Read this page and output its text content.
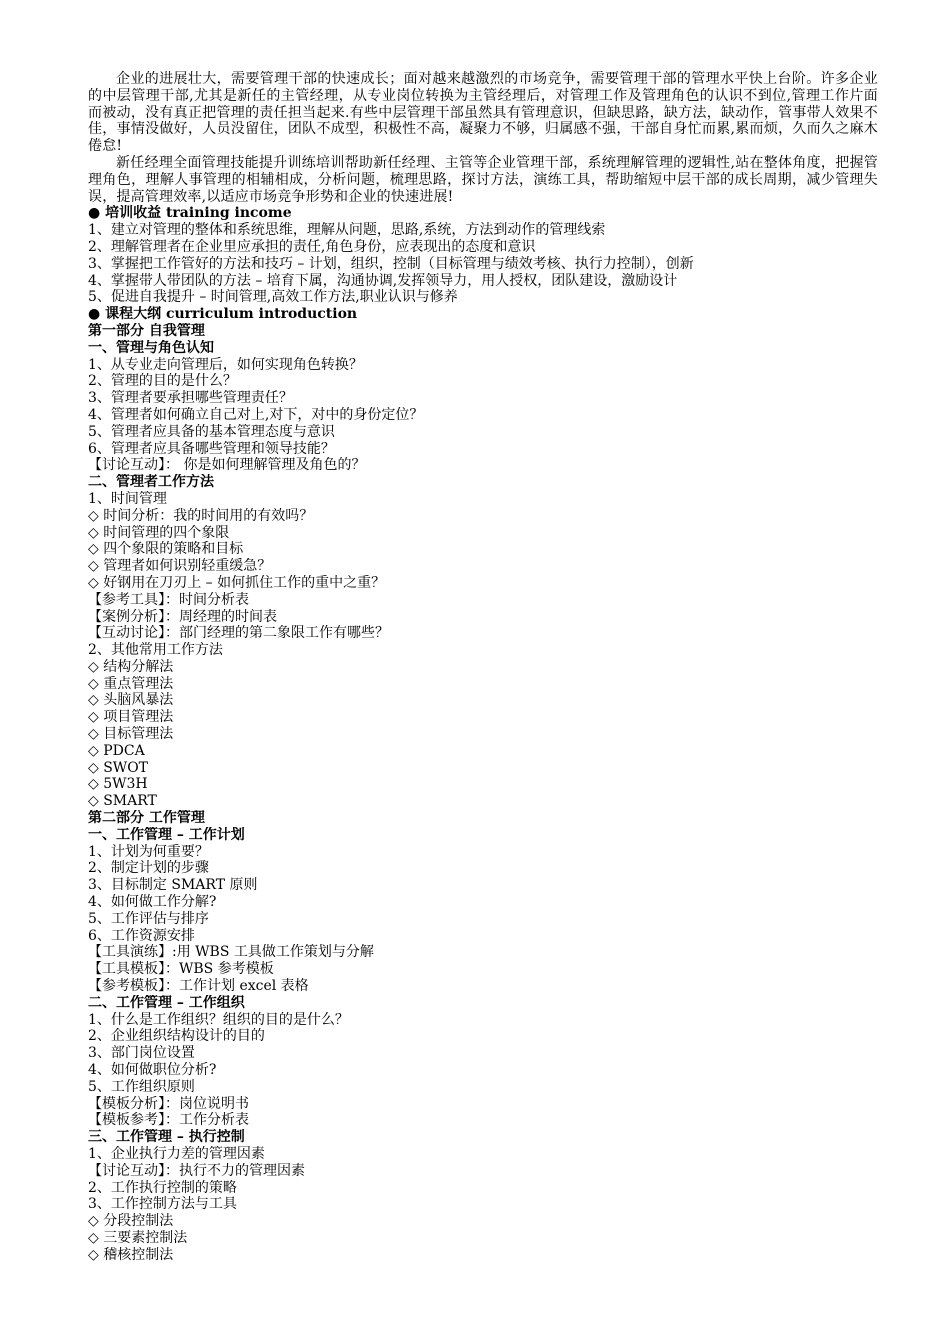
企业的进展壮大，需要管理干部的快速成长；面对越来越激烈的市场竞争，需要管理干部的管理水平快上台阶。许多企业的中层管理干部,尤其是新任的主管经理，从专业岗位转换为主管经理后，对管理工作及管理角色的认识不到位,管理工作片面而被动，没有真正把管理的责任担当起来.有些中层管理干部虽然具有管理意识，但缺思路，缺方法，缺动作，管事带人效果不佳，事情没做好，人员没留住，团队不成型，积极性不高，凝聚力不够，归属感不强，干部自身忙而累,累而烦，久而久之麻木倦怠!

新任经理全面管理技能提升训练培训帮助新任经理、主管等企业管理干部，系统理解管理的逻辑性,站在整体角度，把握管理角色，理解人事管理的相辅相成，分析问题，梳理思路，探讨方法，演练工具，帮助缩短中层干部的成长周期，减少管理失误，提高管理效率,以适应市场竞争形势和企业的快速进展!

● 培训收益 training income

1、建立对管理的整体和系统思维，理解从问题，思路,系统，方法到动作的管理线索

2、理解管理者在企业里应承担的责任,角色身份，应表现出的态度和意识

3、掌握把工作管好的方法和技巧 – 计划，组织，控制（目标管理与绩效考核、执行力控制），创新

4、掌握带人带团队的方法 – 培育下属，沟通协调,发挥领导力，用人授权，团队建设，激励设计

5、促进自我提升 – 时间管理,高效工作方法,职业认识与修养

● 课程大纲 curriculum introduction

第一部分 自我管理

一、管理与角色认知

1、从专业走向管理后，如何实现角色转换？

2、管理的目的是什么？

3、管理者要承担哪些管理责任？

4、管理者如何确立自己对上,对下，对中的身份定位？

5、管理者应具备的基本管理态度与意识

6、管理者应具备哪些管理和领导技能？

【讨论互动】： 你是如何理解管理及角色的？

二、管理者工作方法

1、时间管理

◇ 时间分析：我的时间用的有效吗？

◇ 时间管理的四个象限

◇ 四个象限的策略和目标

◇ 管理者如何识别轻重缓急？

◇ 好钢用在刀刃上 – 如何抓住工作的重中之重？

【参考工具】：时间分析表

【案例分析】：周经理的时间表

【互动讨论】：部门经理的第二象限工作有哪些？

2、其他常用工作方法

◇ 结构分解法

◇ 重点管理法

◇ 头脑风暴法

◇ 项目管理法

◇ 目标管理法

◇ PDCA

◇ SWOT

◇ 5W3H

◇ SMART

第二部分 工作管理

一、工作管理 – 工作计划

1、计划为何重要？

2、制定计划的步骤

3、目标制定 SMART 原则

4、如何做工作分解?

5、工作评估与排序

6、工作资源安排

【工具演练】:用 WBS 工具做工作策划与分解

【工具模板】：WBS 参考模板

【参考模板】：工作计划 excel 表格

二、工作管理 – 工作组织

1、什么是工作组织？组织的目的是什么？

2、企业组织结构设计的目的

3、部门岗位设置

4、如何做职位分析?

5、工作组织原则

【模板分析】：岗位说明书

【模板参考】：工作分析表

三、工作管理 – 执行控制

1、企业执行力差的管理因素

【讨论互动】：执行不力的管理因素

2、工作执行控制的策略

3、工作控制方法与工具

◇ 分段控制法

◇ 三要素控制法

◇ 稽核控制法
